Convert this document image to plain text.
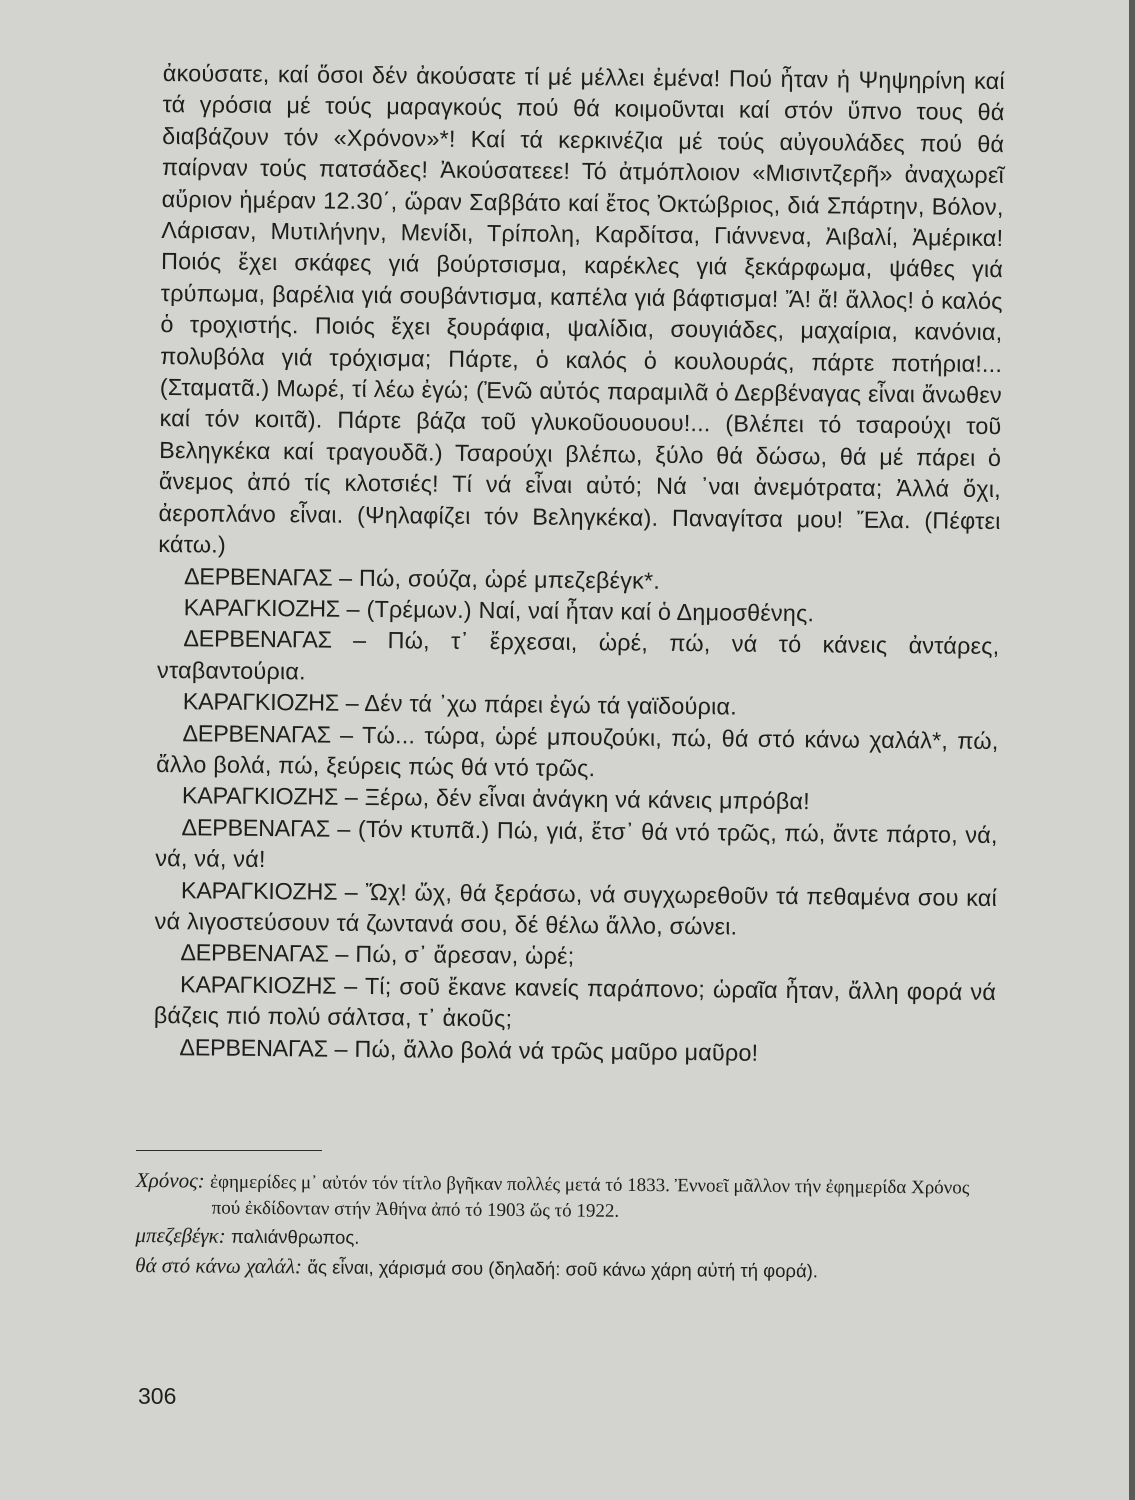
ἀκούσατε, καί ὅσοι δέν ἀκούσατε τί μέ μέλλει ἐμένα! Πού ἦταν ἡ Ψηψηρίνη καί τά γρόσια μέ τούς μαραγκούς πού θά κοιμοῦνται καί στόν ὕπνο τους θά διαβάζουν τόν «Χρόνον»*! Καί τά κερκινέζια μέ τούς αὐγουλάδες πού θά παίρναν τούς πατσάδες! Ἀκούσατεεε! Τό ἀτμόπλοιον «Μισιντζερῆ» ἀναχωρεῖ αὔριον ἡμέραν 12.30΄, ὥραν Σαββάτο καί ἔτος Ὀκτώβριος, διά Σπάρτην, Βόλον, Λάρισαν, Μυτιλήνην, Μενίδι, Τρίπολη, Καρδίτσα, Γιάννενα, Ἀιβαλί, Ἀμέρικα! Ποιός ἔχει σκάφες γιά βούρτσισμα, καρέκλες γιά ξεκάρφωμα, ψάθες γιά τρύπωμα, βαρέλια γιά σουβάντισμα, καπέλα γιά βάφτισμα! Ἄ! ἄ! ἄλλος! ὁ καλός ὁ τροχιστής. Ποιός ἔχει ξουράφια, ψαλίδια, σουγιάδες, μαχαίρια, κανόνια, πολυβόλα γιά τρόχισμα; Πάρτε, ὁ καλός ὁ κουλουράς, πάρτε ποτήρια!... (Σταματᾶ.) Μωρέ, τί λέω ἐγώ; (Ἐνῶ αὐτός παραμιλᾶ ὁ Δερβέναγας εἶναι ἄνωθεν καί τόν κοιτᾶ). Πάρτε βάζα τοῦ γλυκοῦουουου!... (Βλέπει τό τσαρούχι τοῦ Βεληγκέκα καί τραγουδᾶ.) Τσαρούχι βλέπω, ξύλο θά δώσω, θά μέ πάρει ὁ ἄνεμος ἀπό τίς κλοτσιές! Τί νά εἶναι αὐτό; Νά ᾿ναι ἀνεμότρατα; Ἀλλά ὄχι, ἀεροπλάνο εἶναι. (Ψηλαφίζει τόν Βεληγκέκα). Παναγίτσα μου! Ἔλα. (Πέφτει κάτω.)

ΔΕΡΒΕΝΑΓΑΣ – Πώ, σούζα, ὡρέ μπεζεβέγκ*.

ΚΑΡΑΓΚΙΟΖΗΣ – (Τρέμων.) Ναί, ναί ἦταν καί ὁ Δημοσθένης.

ΔΕΡΒΕΝΑΓΑΣ – Πώ, τ᾿ ἔρχεσαι, ὡρέ, πώ, νά τό κάνεις ἀντάρες, νταβαντούρια.

ΚΑΡΑΓΚΙΟΖΗΣ – Δέν τά ᾿χω πάρει ἐγώ τά γαϊδούρια.

ΔΕΡΒΕΝΑΓΑΣ – Τώ... τώρα, ὡρέ μπουζούκι, πώ, θά στό κάνω χαλάλ*, πώ, ἄλλο βολά, πώ, ξεύρεις πώς θά ντό τρῶς.

ΚΑΡΑΓΚΙΟΖΗΣ – Ξέρω, δέν εἶναι ἀνάγκη νά κάνεις μπρόβα!

ΔΕΡΒΕΝΑΓΑΣ – (Τόν κτυπᾶ.) Πώ, γιά, ἔτσ᾿ θά ντό τρῶς, πώ, ἄντε πάρτο, νά, νά, νά, νά!

ΚΑΡΑΓΚΙΟΖΗΣ – Ὤχ! ὤχ, θά ξεράσω, νά συγχωρεθοῦν τά πεθαμένα σου καί νά λιγοστεύσουν τά ζωντανά σου, δέ θέλω ἄλλο, σώνει.

ΔΕΡΒΕΝΑΓΑΣ – Πώ, σ᾿ ἄρεσαν, ὡρέ;

ΚΑΡΑΓΚΙΟΖΗΣ – Τί; σοῦ ἔκανε κανείς παράπονο; ὡραῖα ἦταν, ἄλλη φορά νά βάζεις πιό πολύ σάλτσα, τ᾿ ἀκοῦς;

ΔΕΡΒΕΝΑΓΑΣ – Πώ, ἄλλο βολά νά τρῶς μαῦρο μαῦρο!

Χρόνος: ἐφημερίδες μ᾿ αὐτόν τόν τίτλο βγῆκαν πολλές μετά τό 1833. Ἐννοεῖ μᾶλλον τήν ἐφημερίδα Χρόνος πού ἐκδίδονταν στήν Ἀθήνα ἀπό τό 1903 ὥς τό 1922.

μπεζεβέγκ: παλιάνθρωπος.

θά στό κάνω χαλάλ: ἄς εἶναι, χάρισμά σου (δηλαδή: σοῦ κάνω χάρη αὐτή τή φορά).

306
